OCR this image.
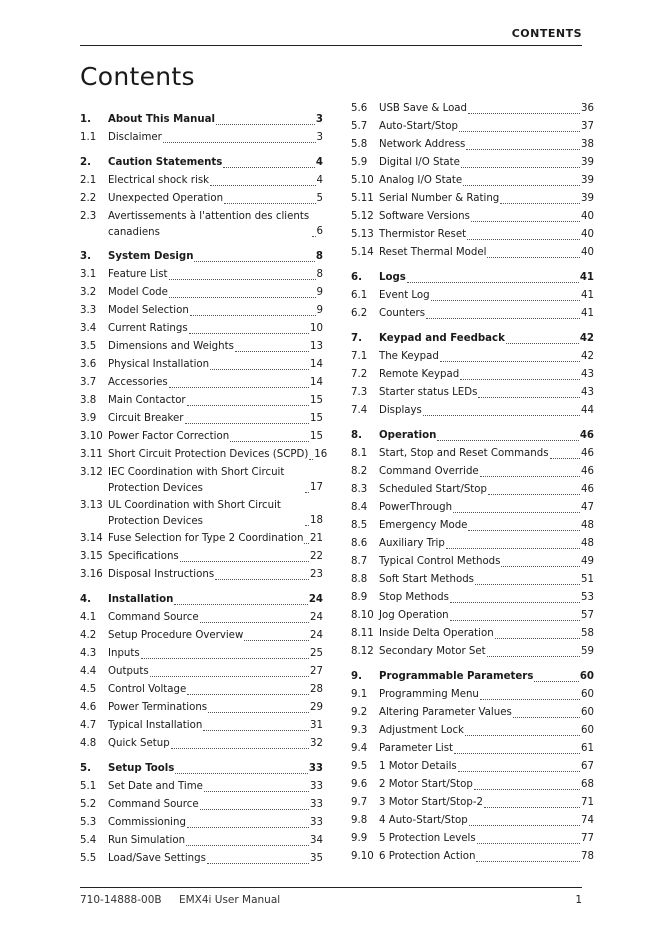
CONTENTS
Contents
1.	About This Manual	3
1.1	Disclaimer	3
2.	Caution Statements	4
2.1	Electrical shock risk	4
2.2	Unexpected Operation	5
2.3	Avertissements à l'attention des clients canadiens	6
3.	System Design	8
3.1	Feature List	8
3.2	Model Code	9
3.3	Model Selection	9
3.4	Current Ratings	10
3.5	Dimensions and Weights	13
3.6	Physical Installation	14
3.7	Accessories	14
3.8	Main Contactor	15
3.9	Circuit Breaker	15
3.10 Power Factor Correction	15
3.11 Short Circuit Protection Devices (SCPD) 16
3.12 IEC Coordination with Short Circuit Protection Devices	17
3.13 UL Coordination with Short Circuit Protection Devices	18
3.14 Fuse Selection for Type 2 Coordination 21
3.15 Specifications	22
3.16 Disposal Instructions	23
4.	Installation	24
4.1	Command Source	24
4.2	Setup Procedure Overview	24
4.3	Inputs	25
4.4	Outputs	27
4.5	Control Voltage	28
4.6	Power Terminations	29
4.7	Typical Installation	31
4.8	Quick Setup	32
5.	Setup Tools	33
5.1	Set Date and Time	33
5.2	Command Source	33
5.3	Commissioning	33
5.4	Run Simulation	34
5.5	Load/Save Settings	35
5.6	USB Save & Load	36
5.7	Auto-Start/Stop	37
5.8	Network Address	38
5.9	Digital I/O State	39
5.10 Analog I/O State	39
5.11 Serial Number & Rating	39
5.12 Software Versions	40
5.13 Thermistor Reset	40
5.14 Reset Thermal Model	40
6.	Logs	41
6.1	Event Log	41
6.2	Counters	41
7.	Keypad and Feedback	42
7.1	The Keypad	42
7.2	Remote Keypad	43
7.3	Starter status LEDs	43
7.4	Displays	44
8.	Operation	46
8.1	Start, Stop and Reset Commands	46
8.2	Command Override	46
8.3	Scheduled Start/Stop	46
8.4	PowerThrough	47
8.5	Emergency Mode	48
8.6	Auxiliary Trip	48
8.7	Typical Control Methods	49
8.8	Soft Start Methods	51
8.9	Stop Methods	53
8.10 Jog Operation	57
8.11 Inside Delta Operation	58
8.12 Secondary Motor Set	59
9.	Programmable Parameters	60
9.1	Programming Menu	60
9.2	Altering Parameter Values	60
9.3	Adjustment Lock	60
9.4	Parameter List	61
9.5	1 Motor Details	67
9.6	2 Motor Start/Stop	68
9.7	3 Motor Start/Stop-2	71
9.8	4 Auto-Start/Stop	74
9.9	5 Protection Levels	77
9.10 6 Protection Action	78
710-14888-00B EMX4i User Manual	1
